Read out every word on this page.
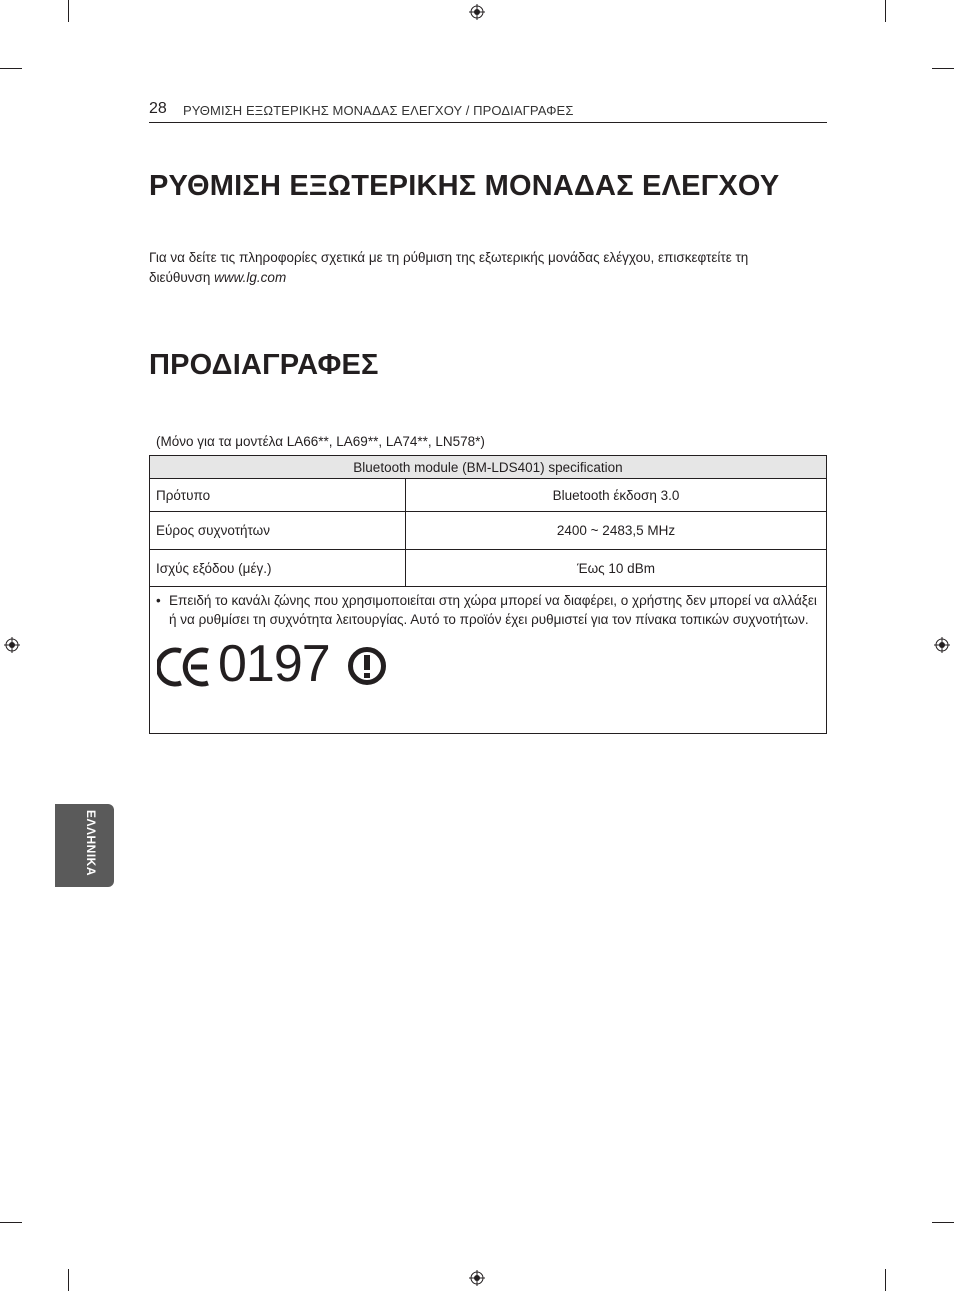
28 ΡΥΘΜΙΣΗ ΕΞΩΤΕΡΙΚΗΣ ΜΟΝΑΔΑΣ ΕΛΕΓΧΟΥ / ΠΡΟΔΙΑΓΡΑΦΕΣ
ΡΥΘΜΙΣΗ ΕΞΩΤΕΡΙΚΗΣ ΜΟΝΑΔΑΣ ΕΛΕΓΧΟΥ
Για να δείτε τις πληροφορίες σχετικά με τη ρύθμιση της εξωτερικής μονάδας ελέγχου, επισκεφτείτε τη διεύθυνση www.lg.com
ΠΡΟΔΙΑΓΡΑΦΕΣ
(Μόνο για τα μοντέλα LA66**, LA69**, LA74**, LN578*)
Bluetooth module (BM-LDS401) specification	
Πρότυπο	Bluetooth έκδοση 3.0
Εύρος συχνοτήτων	2400 ~ 2483,5 MHz
Ισχύς εξόδου (μέγ.)	Έως 10 dBm

• Επειδή το κανάλι ζώνης που χρησιμοποιείται στη χώρα μπορεί να διαφέρει, ο χρήστης δεν μπορεί να αλλάξει ή να ρυθμίσει τη συχνότητα λειτουργίας. Αυτό το προϊόν έχει ρυθμιστεί για τον πίνακα τοπικών συχνοτήτων.
0197	
ΕΛΛΗΝΙΚΑ
